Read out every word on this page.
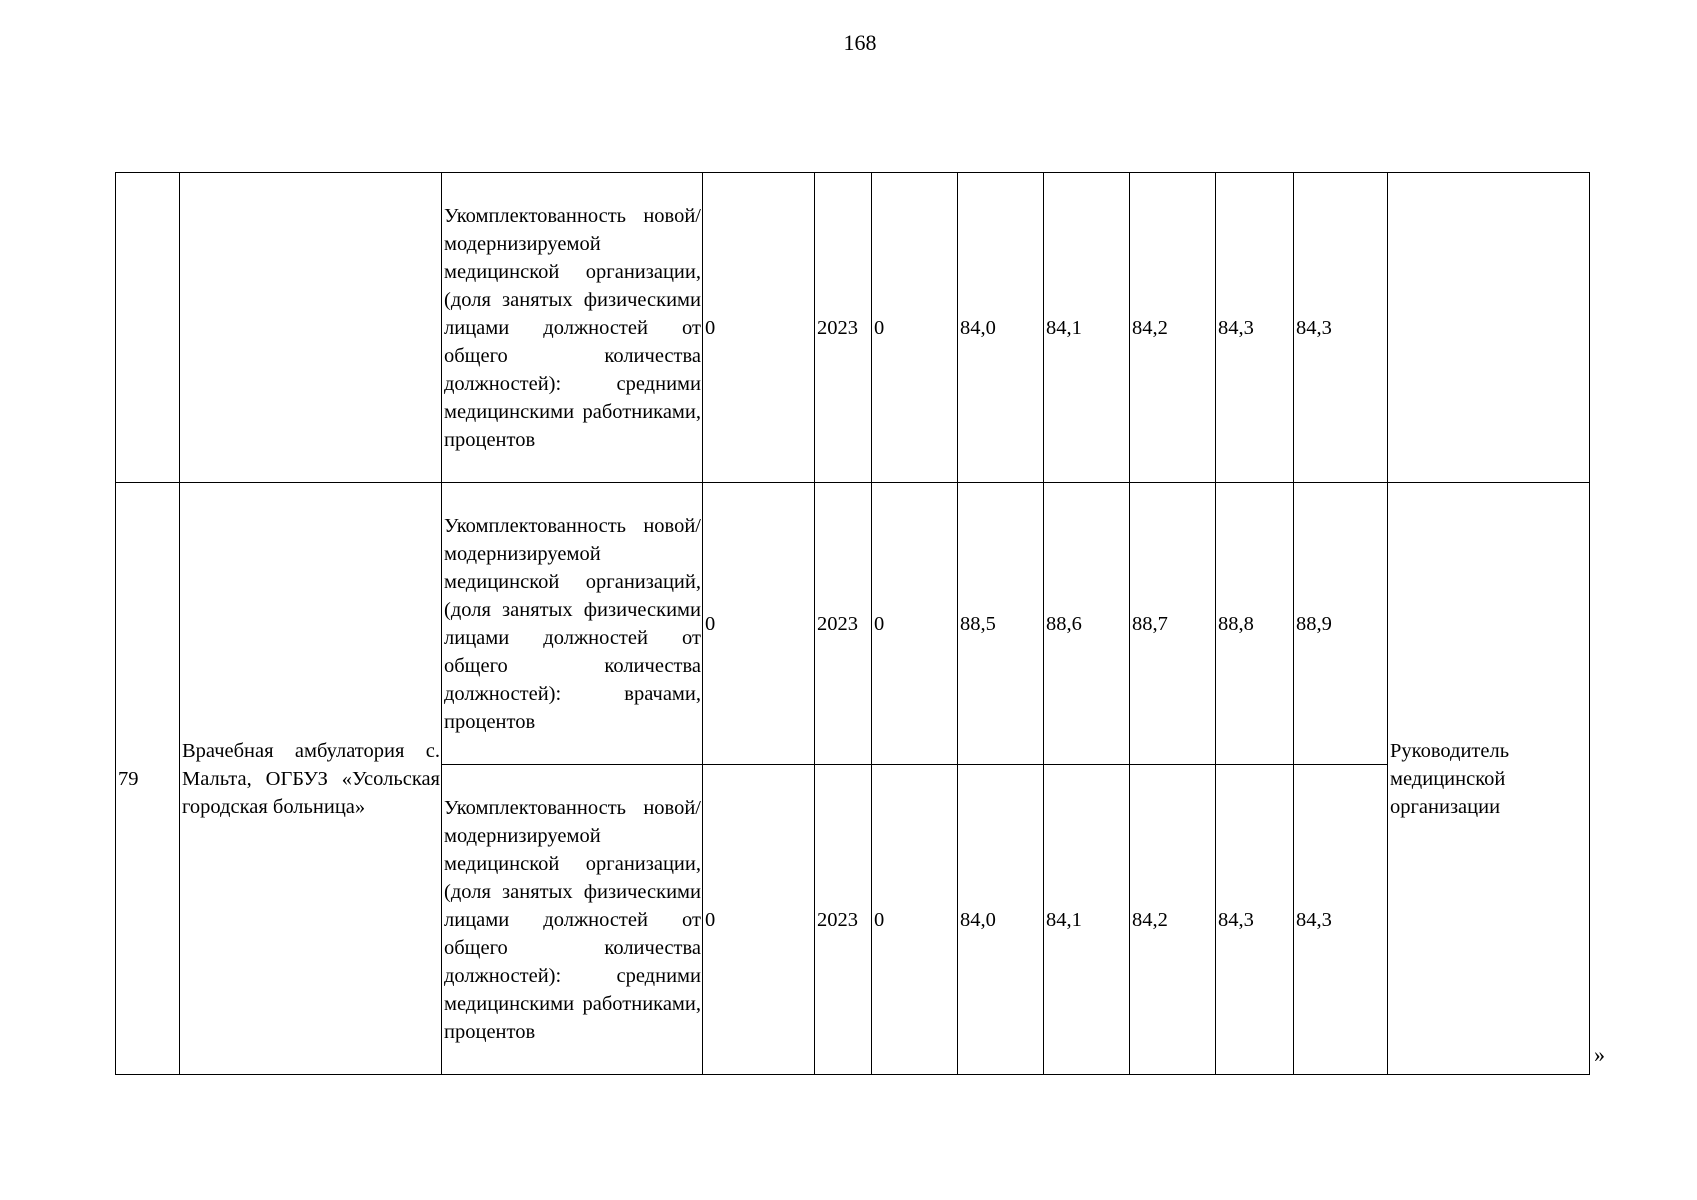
168
		Укомплектованность новой/модернизируемой медицинской организации, (доля занятых физическими лицами должностей от общего количества должностей): средними медицинскими работниками, процентов	0	2023	0	84,0	84,1	84,2	84,3	84,3	
79	Врачебная амбулатория с. Мальта, ОГБУЗ «Усольская городская больница»	Укомплектованность новой/модернизируемой медицинской организаций, (доля занятых физическими лицами должностей от общего количества должностей): врачами, процентов	0	2023	0	88,5	88,6	88,7	88,8	88,9	Руководитель медицинской организации
		Укомплектованность новой/модернизируемой медицинской организации, (доля занятых физическими лицами должностей от общего количества должностей): средними медицинскими работниками, процентов	0	2023	0	84,0	84,1	84,2	84,3	84,3	
»
